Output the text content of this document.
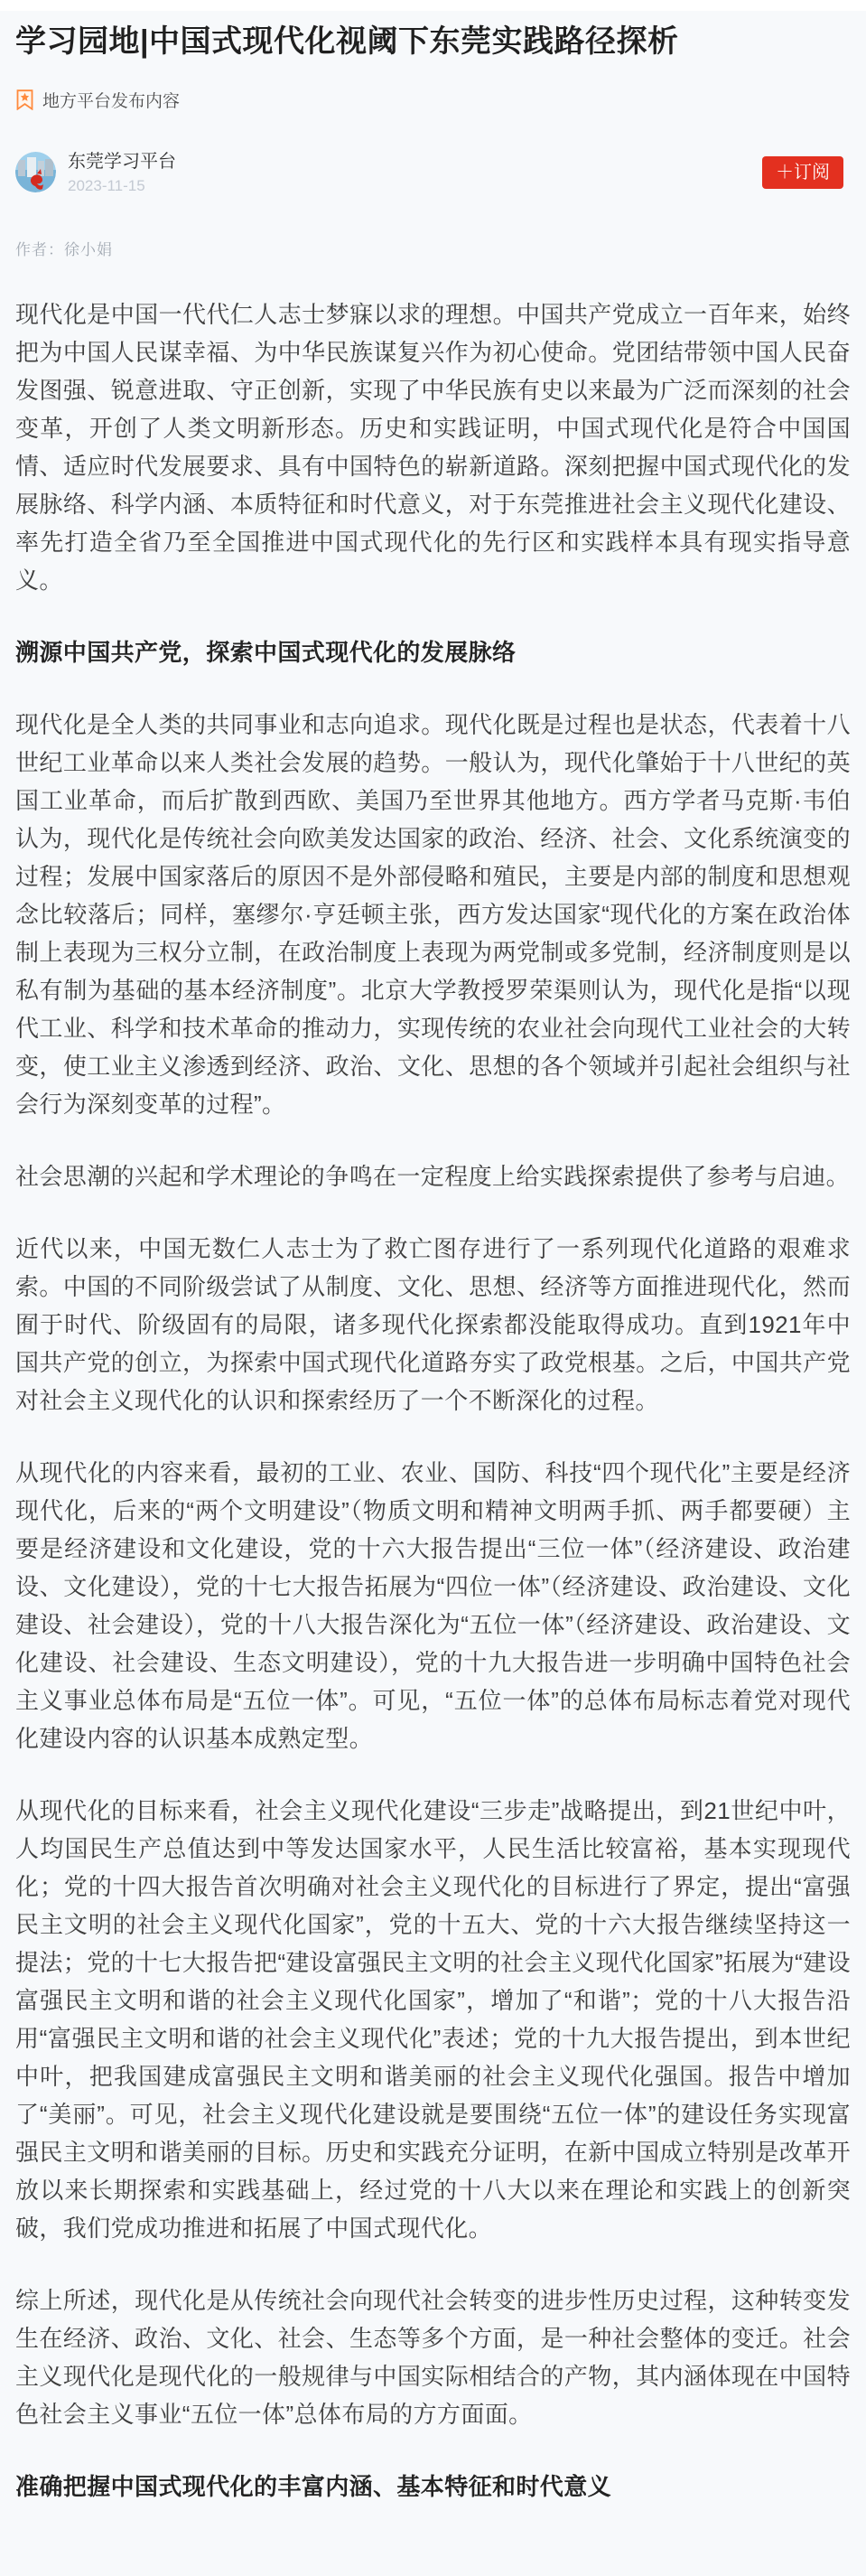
学习园地|中国式现代化视阈下东莞实践路径探析
地方平台发布内容
东莞学习平台
2023-11-15
＋订阅
作者：徐小娟

现代化是中国一代代仁人志士梦寐以求的理想。中国共产党成立一百年来，始终把为中国人民谋幸福、为中华民族谋复兴作为初心使命。党团结带领中国人民奋发图强、锐意进取、守正创新，实现了中华民族有史以来最为广泛而深刻的社会变革，开创了人类文明新形态。历史和实践证明，中国式现代化是符合中国国情、适应时代发展要求、具有中国特色的崭新道路。深刻把握中国式现代化的发展脉络、科学内涵、本质特征和时代意义，对于东莞推进社会主义现代化建设、率先打造全省乃至全国推进中国式现代化的先行区和实践样本具有现实指导意义。

溯源中国共产党，探索中国式现代化的发展脉络

现代化是全人类的共同事业和志向追求。现代化既是过程也是状态，代表着十八世纪工业革命以来人类社会发展的趋势。一般认为，现代化肇始于十八世纪的英国工业革命，而后扩散到西欧、美国乃至世界其他地方。西方学者马克斯·韦伯认为，现代化是传统社会向欧美发达国家的政治、经济、社会、文化系统演变的过程；发展中国家落后的原因不是外部侵略和殖民，主要是内部的制度和思想观念比较落后；同样，塞缪尔·亨廷顿主张，西方发达国家“现代化的方案在政治体制上表现为三权分立制，在政治制度上表现为两党制或多党制，经济制度则是以私有制为基础的基本经济制度”。北京大学教授罗荣渠则认为，现代化是指“以现代工业、科学和技术革命的推动力，实现传统的农业社会向现代工业社会的大转变，使工业主义渗透到经济、政治、文化、思想的各个领域并引起社会组织与社会行为深刻变革的过程”。

社会思潮的兴起和学术理论的争鸣在一定程度上给实践探索提供了参考与启迪。

近代以来，中国无数仁人志士为了救亡图存进行了一系列现代化道路的艰难求索。中国的不同阶级尝试了从制度、文化、思想、经济等方面推进现代化，然而囿于时代、阶级固有的局限，诸多现代化探索都没能取得成功。直到1921年中国共产党的创立，为探索中国式现代化道路夯实了政党根基。之后，中国共产党对社会主义现代化的认识和探索经历了一个不断深化的过程。

从现代化的内容来看，最初的工业、农业、国防、科技“四个现代化”主要是经济现代化，后来的“两个文明建设”（物质文明和精神文明两手抓、两手都要硬）主要是经济建设和文化建设，党的十六大报告提出“三位一体”（经济建设、政治建设、文化建设），党的十七大报告拓展为“四位一体”（经济建设、政治建设、文化建设、社会建设），党的十八大报告深化为“五位一体”（经济建设、政治建设、文化建设、社会建设、生态文明建设），党的十九大报告进一步明确中国特色社会主义事业总体布局是“五位一体”。可见，“五位一体”的总体布局标志着党对现代化建设内容的认识基本成熟定型。

从现代化的目标来看，社会主义现代化建设“三步走”战略提出，到21世纪中叶，人均国民生产总值达到中等发达国家水平，人民生活比较富裕，基本实现现代化；党的十四大报告首次明确对社会主义现代化的目标进行了界定，提出“富强民主文明的社会主义现代化国家”，党的十五大、党的十六大报告继续坚持这一提法；党的十七大报告把“建设富强民主文明的社会主义现代化国家”拓展为“建设富强民主文明和谐的社会主义现代化国家”，增加了“和谐”；党的十八大报告沿用“富强民主文明和谐的社会主义现代化”表述；党的十九大报告提出，到本世纪中叶，把我国建成富强民主文明和谐美丽的社会主义现代化强国。报告中增加了“美丽”。可见，社会主义现代化建设就是要围绕“五位一体”的建设任务实现富强民主文明和谐美丽的目标。历史和实践充分证明，在新中国成立特别是改革开放以来长期探索和实践基础上，经过党的十八大以来在理论和实践上的创新突破，我们党成功推进和拓展了中国式现代化。

综上所述，现代化是从传统社会向现代社会转变的进步性历史过程，这种转变发生在经济、政治、文化、社会、生态等多个方面，是一种社会整体的变迁。社会主义现代化是现代化的一般规律与中国实际相结合的产物，其内涵体现在中国特色社会主义事业“五位一体”总体布局的方方面面。

准确把握中国式现代化的丰富内涵、基本特征和时代意义
